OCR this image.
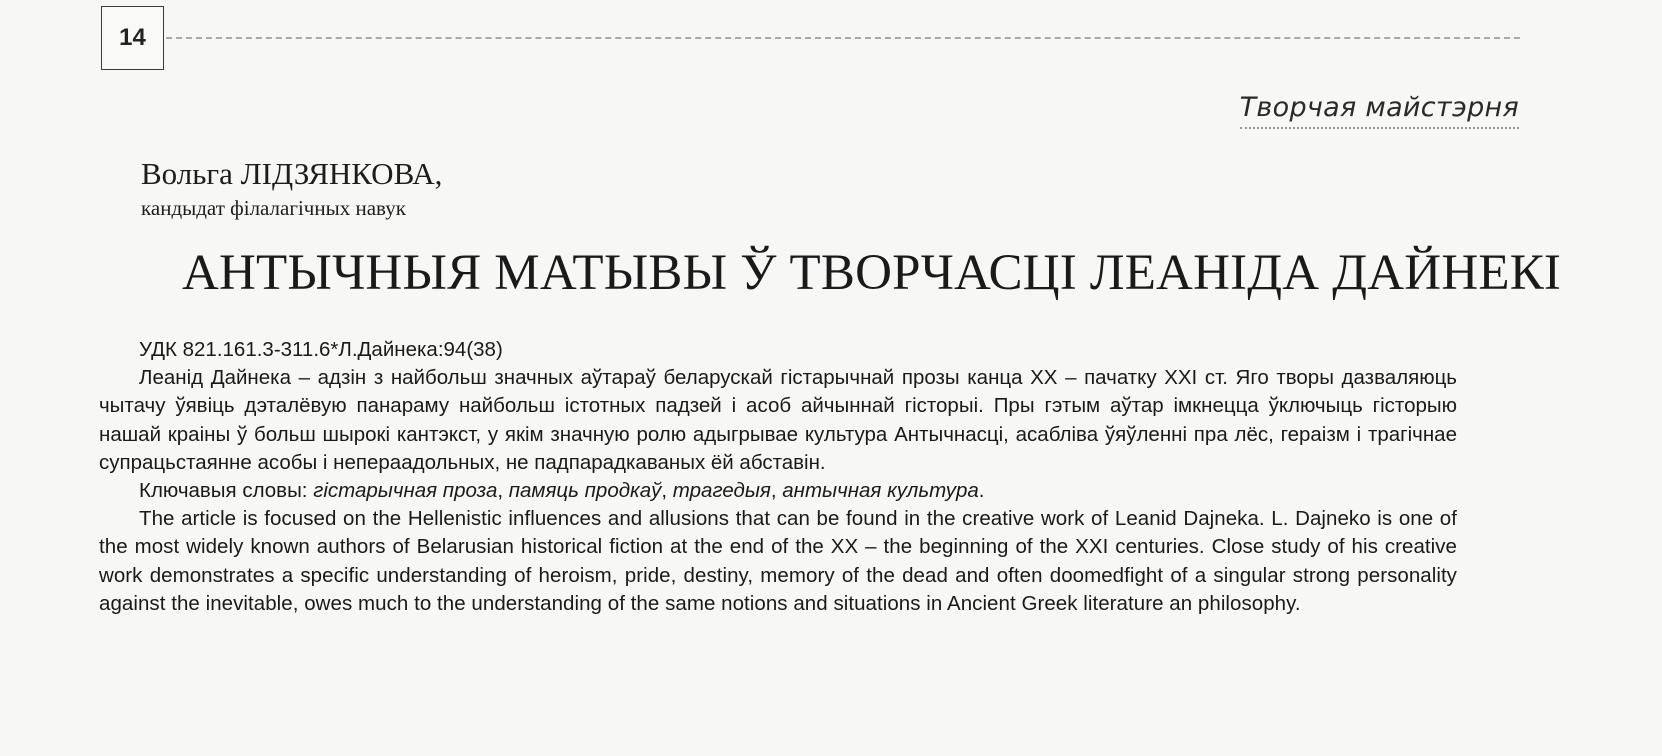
14
Творчая майстэрня
Вольга ЛІДЗЯНКОВА,
кандыдат філалагічных навук
АНТЫЧНЫЯ МАТЫВЫ Ў ТВОРЧАСЦІ ЛЕАНІДА ДАЙНЕКІ

УДК 821.161.3-311.6*Л.Дайнека:94(38)

Леанід Дайнека – адзін з найбольш значных аўтараў беларускай гістарычнай прозы канца ХХ – пачатку ХХІ ст. Яго творы дазваляюць чытачу ўявіць дэталёвую панараму найбольш істотных падзей і асоб айчыннай гісторыі. Пры гэтым аўтар імкнецца ўключыць гісторыю нашай краіны ў больш шырокі кантэкст, у якім значную ролю адыгрывае культура Антычнасці, асабліва ўяўленні пра лёс, гераізм і трагічнае супрацьстаянне асобы і непераадольных, не падпарадкаваных ёй абставін.

Ключавыя словы: гістарычная проза, памяць продкаў, трагедыя, антычная культура.

The article is focused on the Hellenistic influences and allusions that can be found in the creative work of Leanid Dajneka. L. Dajneko is one of the most widely known authors of Belarusian historical fiction at the end of the XX – the beginning of the XXI centuries. Close study of his creative work demonstrates a specific understanding of heroism, pride, destiny, memory of the dead and often doomedfight of a singular strong personality against the inevitable, owes much to the understanding of the same notions and situations in Ancient Greek literature an philosophy.
